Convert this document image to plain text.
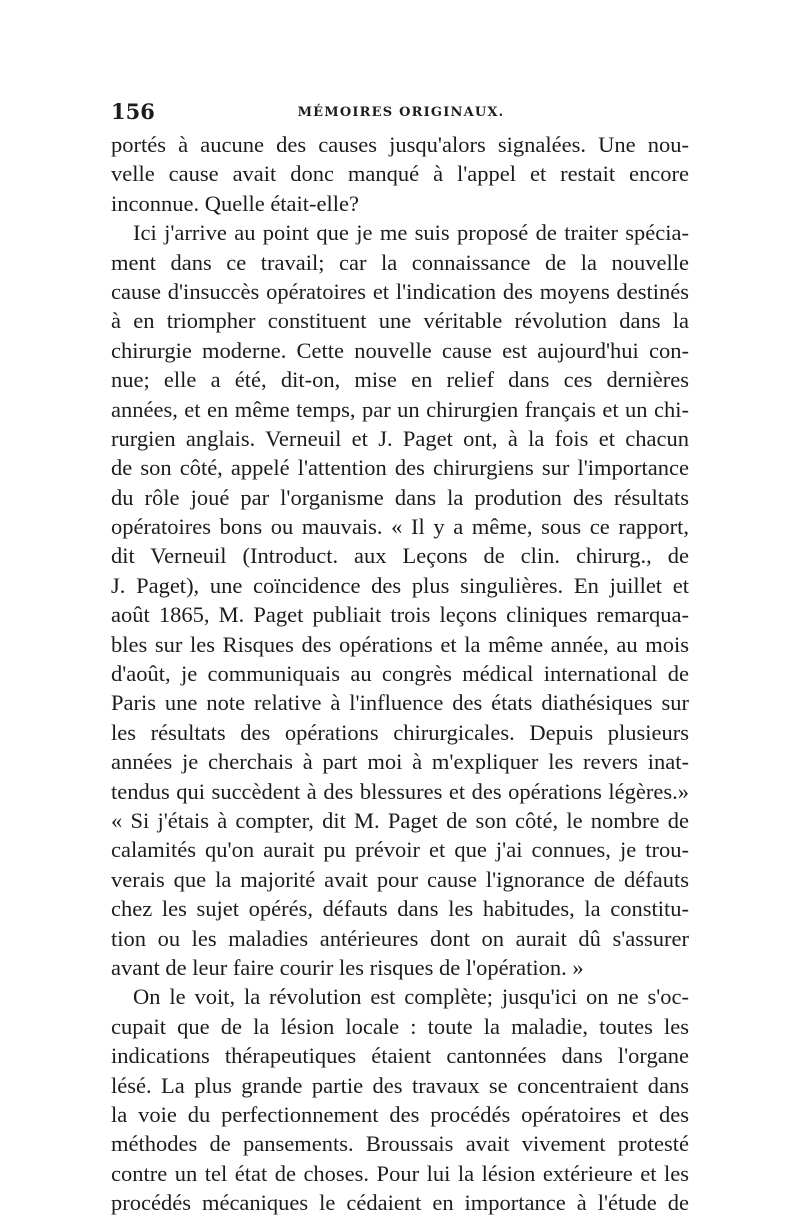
156	MÉMOIRES ORIGINAUX.
portés à aucune des causes jusqu'alors signalées. Une nou-
velle cause avait donc manqué à l'appel et restait encore
inconnue. Quelle était-elle?
Ici j'arrive au point que je me suis proposé de traiter spécia-
ment dans ce travail; car la connaissance de la nouvelle
cause d'insuccès opératoires et l'indication des moyens destinés
à en triompher constituent une véritable révolution dans la
chirurgie moderne. Cette nouvelle cause est aujourd'hui con-
nue; elle a été, dit-on, mise en relief dans ces dernières
années, et en même temps, par un chirurgien français et un chi-
rurgien anglais. Verneuil et J. Paget ont, à la fois et chacun
de son côté, appelé l'attention des chirurgiens sur l'importance
du rôle joué par l'organisme dans la prodution des résultats
opératoires bons ou mauvais. « Il y a même, sous ce rapport,
dit Verneuil (Introduct. aux Leçons de clin. chirurg., de
J. Paget), une coïncidence des plus singulières. En juillet et
août 1865, M. Paget publiait trois leçons cliniques remarqua-
bles sur les Risques des opérations et la même année, au mois
d'août, je communiquais au congrès médical international de
Paris une note relative à l'influence des états diathésiques sur
les résultats des opérations chirurgicales. Depuis plusieurs
années je cherchais à part moi à m'expliquer les revers inat-
tendus qui succèdent à des blessures et des opérations légères.»
« Si j'étais à compter, dit M. Paget de son côté, le nombre de
calamités qu'on aurait pu prévoir et que j'ai connues, je trou-
verais que la majorité avait pour cause l'ignorance de défauts
chez les sujet opérés, défauts dans les habitudes, la constitu-
tion ou les maladies antérieures dont on aurait dû s'assurer
avant de leur faire courir les risques de l'opération. »
On le voit, la révolution est complète; jusqu'ici on ne s'oc-
cupait que de la lésion locale : toute la maladie, toutes les
indications thérapeutiques étaient cantonnées dans l'organe
lésé. La plus grande partie des travaux se concentraient dans
la voie du perfectionnement des procédés opératoires et des
méthodes de pansements. Broussais avait vivement protesté
contre un tel état de choses. Pour lui la lésion extérieure et les
procédés mécaniques le cédaient en importance à l'étude de
